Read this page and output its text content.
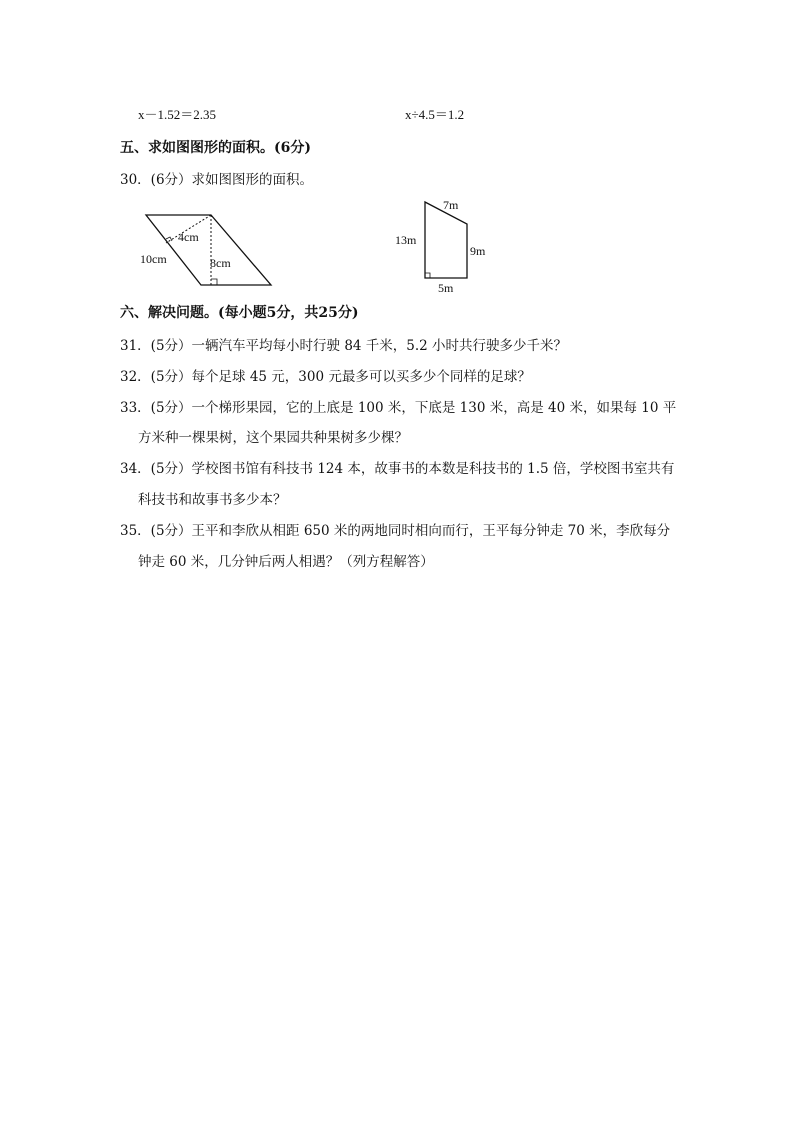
x－1.52＝2.35	x÷4.5＝1.2
五、求如图图形的面积。(6分)
30．(6分）求如图图形的面积。
4cm
10cm	8cm
7m
13m
9m
5m
六、解决问题。(每小题5分，共25分)
31．(5分）一辆汽车平均每小时行驶 84 千米，5.2 小时共行驶多少千米？
32．(5分）每个足球 45 元，300 元最多可以买多少个同样的足球？
33．(5分）一个梯形果园，它的上底是 100 米，下底是 130 米，高是 40 米，如果每 10 平
方米种一棵果树，这个果园共种果树多少棵？
34．(5分）学校图书馆有科技书 124 本，故事书的本数是科技书的 1.5 倍，学校图书室共有
科技书和故事书多少本？
35．(5分）王平和李欣从相距 650 米的两地同时相向而行，王平每分钟走 70 米，李欣每分
钟走 60 米，几分钟后两人相遇？（列方程解答）
